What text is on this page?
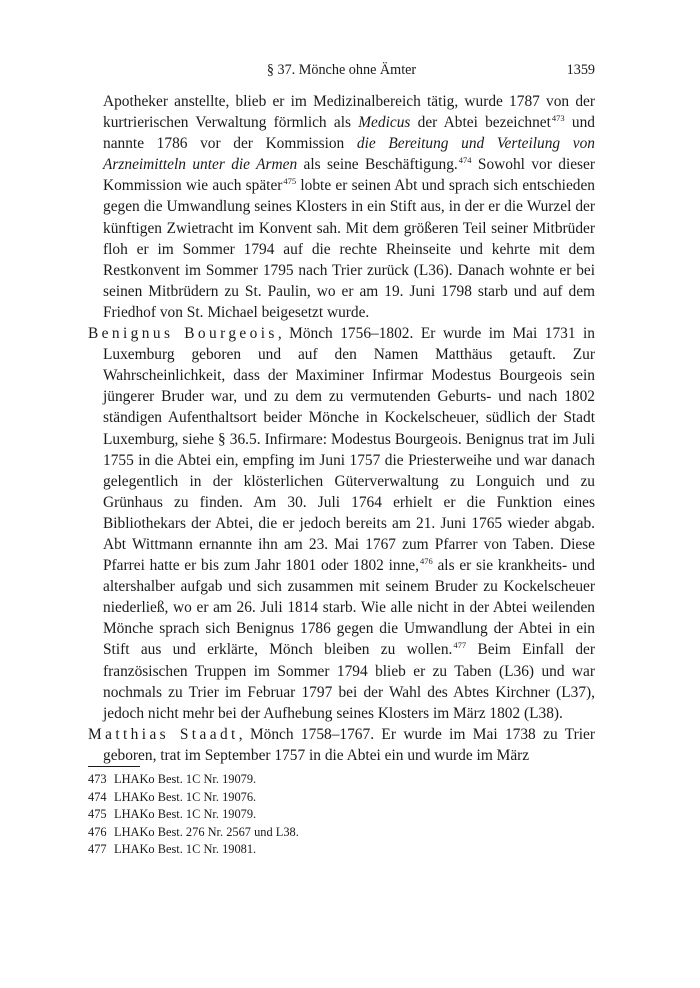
§ 37. Mönche ohne Ämter	1359

Apotheker anstellte, blieb er im Medizinalbereich tätig, wurde 1787 von der kurtrierischen Verwaltung förmlich als Medicus der Abtei bezeichnet$^{473}$ und nannte 1786 vor der Kommission die Bereitung und Verteilung von Arzneimitteln unter die Armen als seine Beschäftigung.$^{474}$ Sowohl vor dieser Kommission wie auch später$^{475}$ lobte er seinen Abt und sprach sich entschieden gegen die Umwandlung seines Klosters in ein Stift aus, in der er die Wurzel der künftigen Zwietracht im Konvent sah. Mit dem größeren Teil seiner Mitbrüder floh er im Sommer 1794 auf die rechte Rheinseite und kehrte mit dem Restkonvent im Sommer 1795 nach Trier zurück (L36). Danach wohnte er bei seinen Mitbrüdern zu St. Paulin, wo er am 19. Juni 1798 starb und auf dem Friedhof von St. Michael beigesetzt wurde.

Benignus Bourgeois, Mönch 1756–1802. Er wurde im Mai 1731 in Luxemburg geboren und auf den Namen Matthäus getauft. Zur Wahrscheinlichkeit, dass der Maximiner Infirmar Modestus Bourgeois sein jüngerer Bruder war, und zu dem zu vermutenden Geburts- und nach 1802 ständigen Aufenthaltsort beider Mönche in Kockelscheuer, südlich der Stadt Luxemburg, siehe § 36.5. Infirmare: Modestus Bourgeois. Benignus trat im Juli 1755 in die Abtei ein, empfing im Juni 1757 die Priesterweihe und war danach gelegentlich in der klösterlichen Güterverwaltung zu Longuich und zu Grünhaus zu finden. Am 30. Juli 1764 erhielt er die Funktion eines Bibliothekars der Abtei, die er jedoch bereits am 21. Juni 1765 wieder abgab. Abt Wittmann ernannte ihn am 23. Mai 1767 zum Pfarrer von Taben. Diese Pfarrei hatte er bis zum Jahr 1801 oder 1802 inne,$^{476}$ als er sie krankheits- und altershalber aufgab und sich zusammen mit seinem Bruder zu Kockelscheuer niederließ, wo er am 26. Juli 1814 starb. Wie alle nicht in der Abtei weilenden Mönche sprach sich Benignus 1786 gegen die Umwandlung der Abtei in ein Stift aus und erklärte, Mönch bleiben zu wollen.$^{477}$ Beim Einfall der französischen Truppen im Sommer 1794 blieb er zu Taben (L36) und war nochmals zu Trier im Februar 1797 bei der Wahl des Abtes Kirchner (L37), jedoch nicht mehr bei der Aufhebung seines Klosters im März 1802 (L38).

Matthias Staadt, Mönch 1758–1767. Er wurde im Mai 1738 zu Trier geboren, trat im September 1757 in die Abtei ein und wurde im März

473 LHAKo Best. 1C Nr. 19079.

474 LHAKo Best. 1C Nr. 19076.

475 LHAKo Best. 1C Nr. 19079.

476 LHAKo Best. 276 Nr. 2567 und L38.

477 LHAKo Best. 1C Nr. 19081.
